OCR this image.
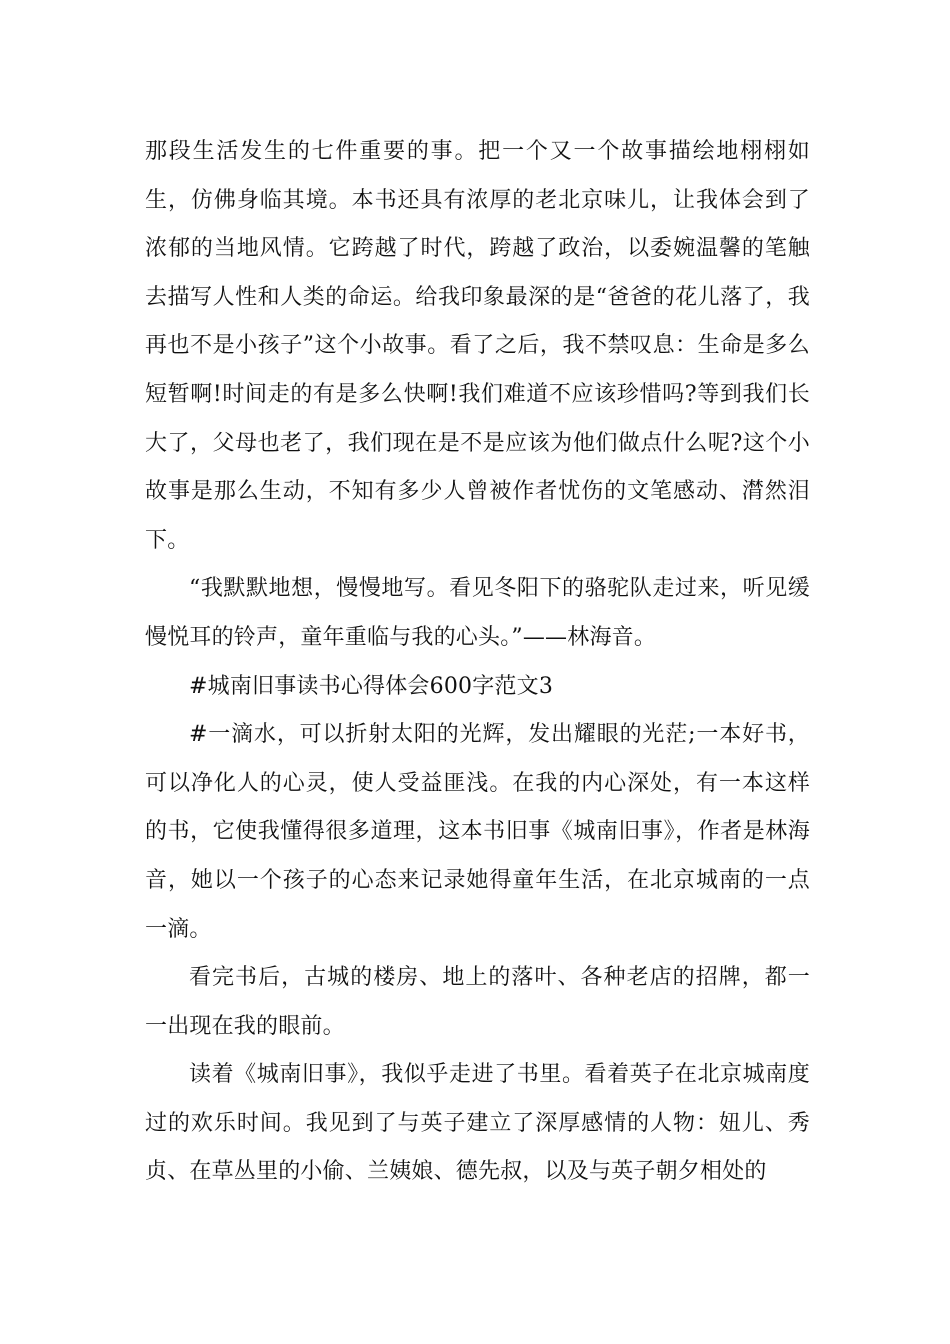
那段生活发生的七件重要的事。把一个又一个故事描绘地栩栩如生，仿佛身临其境。本书还具有浓厚的老北京味儿，让我体会到了浓郁的当地风情。它跨越了时代，跨越了政治，以委婉温馨的笔触去描写人性和人类的命运。给我印象最深的是“爸爸的花儿落了，我再也不是小孩子”这个小故事。看了之后，我不禁叹息：生命是多么短暂啊!时间走的有是多么快啊!我们难道不应该珍惜吗?等到我们长大了，父母也老了，我们现在是不是应该为他们做点什么呢?这个小故事是那么生动，不知有多少人曾被作者忧伤的文笔感动、潸然泪下。

“我默默地想，慢慢地写。看见冬阳下的骆驼队走过来，听见缓慢悦耳的铃声，童年重临与我的心头。”——林海音。

#城南旧事读书心得体会600字范文3

#一滴水，可以折射太阳的光辉，发出耀眼的光茫;一本好书，可以净化人的心灵，使人受益匪浅。在我的内心深处，有一本这样的书，它使我懂得很多道理，这本书旧事《城南旧事》，作者是林海音，她以一个孩子的心态来记录她得童年生活，在北京城南的一点一滴。

看完书后，古城的楼房、地上的落叶、各种老店的招牌，都一一出现在我的眼前。

读着《城南旧事》，我似乎走进了书里。看着英子在北京城南度过的欢乐时间。我见到了与英子建立了深厚感情的人物：妞儿、秀贞、在草丛里的小偷、兰姨娘、德先叔，以及与英子朝夕相处的
